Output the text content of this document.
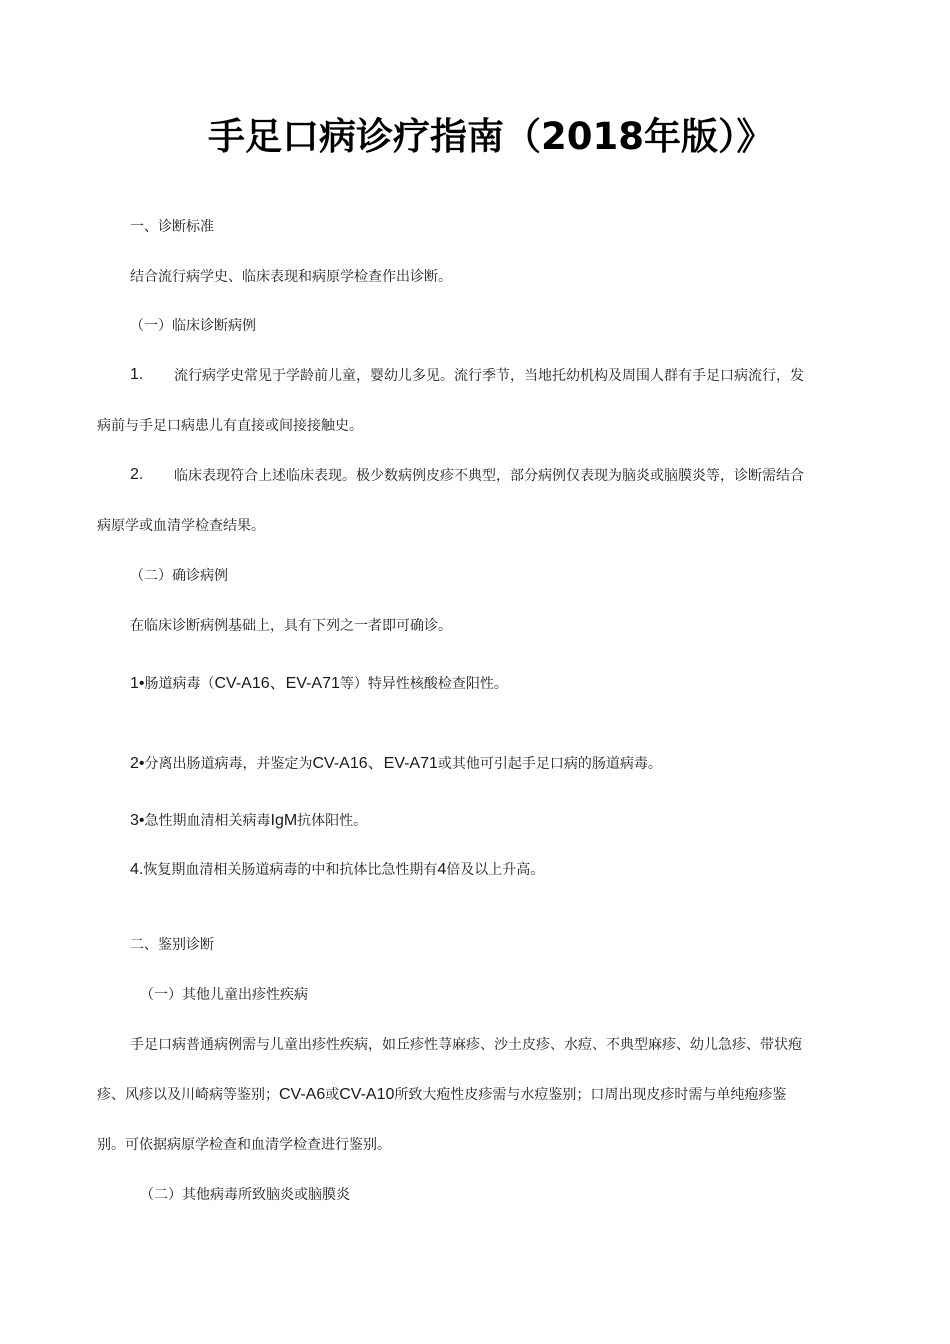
手足口病诊疗指南（2018年版）》
一、诊断标准
结合流行病学史、临床表现和病原学检查作出诊断。
（一）临床诊断病例
1. 流行病学史常见于学龄前儿童，婴幼儿多见。流行季节，当地托幼机构及周围人群有手足口病流行，发
病前与手足口病患儿有直接或间接接触史。
2. 临床表现符合上述临床表现。极少数病例皮疹不典型，部分病例仅表现为脑炎或脑膜炎等，诊断需结合
病原学或血清学检查结果。
（二）确诊病例
在临床诊断病例基础上，具有下列之一者即可确诊。
1•肠道病毒（CV-A16、EV-A71等）特异性核酸检查阳性。
2•分离出肠道病毒，并鉴定为CV-A16、EV-A71或其他可引起手足口病的肠道病毒。
3•急性期血清相关病毒IgM抗体阳性。
4.恢复期血清相关肠道病毒的中和抗体比急性期有4倍及以上升高。
二、鉴别诊断
（一）其他儿童出疹性疾病
手足口病普通病例需与儿童出疹性疾病，如丘疹性荨麻疹、沙土皮疹、水痘、不典型麻疹、幼儿急疹、带状疱
疹、风疹以及川崎病等鉴别；CV-A6或CV-A10所致大疱性皮疹需与水痘鉴别；口周出现皮疹时需与单纯疱疹鉴
别。可依据病原学检查和血清学检查进行鉴别。
（二）其他病毒所致脑炎或脑膜炎
